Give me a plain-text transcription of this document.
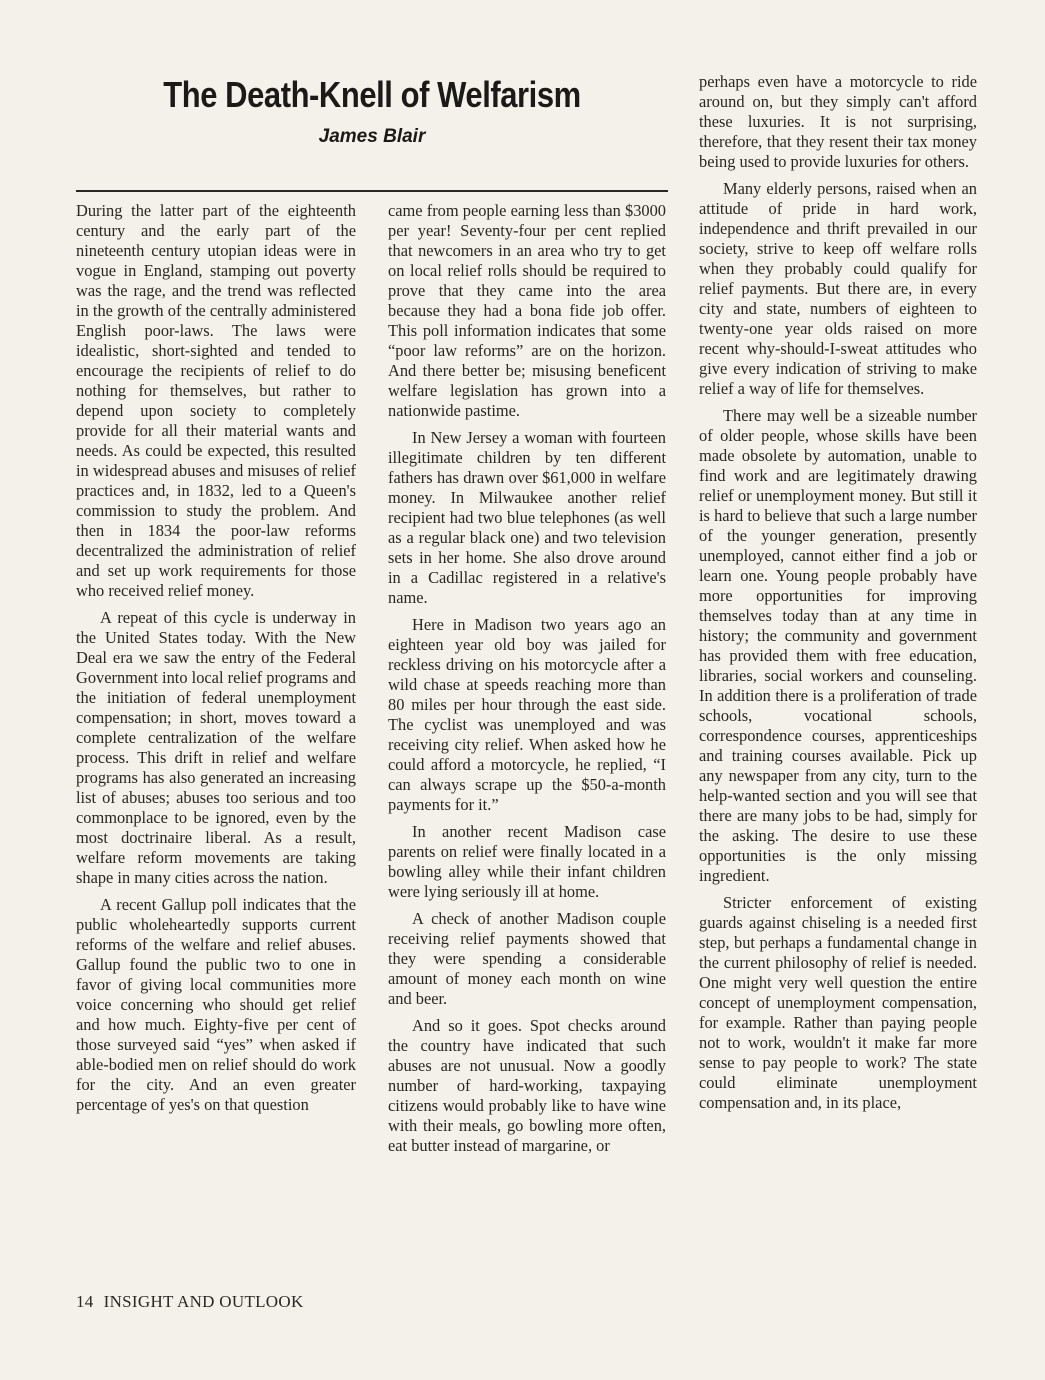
The Death-Knell of Welfarism
James Blair

During the latter part of the eighteenth century and the early part of the nineteenth century utopian ideas were in vogue in England, stamping out poverty was the rage, and the trend was reflected in the growth of the centrally administered English poor-laws. The laws were idealistic, short-sighted and tended to encourage the recipients of relief to do nothing for themselves, but rather to depend upon society to completely provide for all their material wants and needs. As could be expected, this resulted in widespread abuses and misuses of relief practices and, in 1832, led to a Queen's commission to study the problem. And then in 1834 the poor-law reforms decentralized the administration of relief and set up work requirements for those who received relief money.

A repeat of this cycle is underway in the United States today. With the New Deal era we saw the entry of the Federal Government into local relief programs and the initiation of federal unemployment compensation; in short, moves toward a complete centralization of the welfare process. This drift in relief and welfare programs has also generated an increasing list of abuses; abuses too serious and too commonplace to be ignored, even by the most doctrinaire liberal. As a result, welfare reform movements are taking shape in many cities across the nation.

A recent Gallup poll indicates that the public wholeheartedly supports current reforms of the welfare and relief abuses. Gallup found the public two to one in favor of giving local communities more voice concerning who should get relief and how much. Eighty-five per cent of those surveyed said “yes” when asked if able-bodied men on relief should do work for the city. And an even greater percentage of yes's on that question

came from people earning less than $3000 per year! Seventy-four per cent replied that newcomers in an area who try to get on local relief rolls should be required to prove that they came into the area because they had a bona fide job offer. This poll information indicates that some “poor law reforms” are on the horizon. And there better be; misusing beneficent welfare legislation has grown into a nationwide pastime.

In New Jersey a woman with fourteen illegitimate children by ten different fathers has drawn over $61,000 in welfare money. In Milwaukee another relief recipient had two blue telephones (as well as a regular black one) and two television sets in her home. She also drove around in a Cadillac registered in a relative's name.

Here in Madison two years ago an eighteen year old boy was jailed for reckless driving on his motorcycle after a wild chase at speeds reaching more than 80 miles per hour through the east side. The cyclist was unemployed and was receiving city relief. When asked how he could afford a motorcycle, he replied, “I can always scrape up the $50-a-month payments for it.”

In another recent Madison case parents on relief were finally located in a bowling alley while their infant children were lying seriously ill at home.

A check of another Madison couple receiving relief payments showed that they were spending a considerable amount of money each month on wine and beer.

And so it goes. Spot checks around the country have indicated that such abuses are not unusual. Now a goodly number of hard-working, taxpaying citizens would probably like to have wine with their meals, go bowling more often, eat butter instead of margarine, or

perhaps even have a motorcycle to ride around on, but they simply can't afford these luxuries. It is not surprising, therefore, that they resent their tax money being used to provide luxuries for others.

Many elderly persons, raised when an attitude of pride in hard work, independence and thrift prevailed in our society, strive to keep off welfare rolls when they probably could qualify for relief payments. But there are, in every city and state, numbers of eighteen to twenty-one year olds raised on more recent why-should-I-sweat attitudes who give every indication of striving to make relief a way of life for themselves.

There may well be a sizeable number of older people, whose skills have been made obsolete by automation, unable to find work and are legitimately drawing relief or unemployment money. But still it is hard to believe that such a large number of the younger generation, presently unemployed, cannot either find a job or learn one. Young people probably have more opportunities for improving themselves today than at any time in history; the community and government has provided them with free education, libraries, social workers and counseling. In addition there is a proliferation of trade schools, vocational schools, correspondence courses, apprenticeships and training courses available. Pick up any newspaper from any city, turn to the help-wanted section and you will see that there are many jobs to be had, simply for the asking. The desire to use these opportunities is the only missing ingredient.

Stricter enforcement of existing guards against chiseling is a needed first step, but perhaps a fundamental change in the current philosophy of relief is needed. One might very well question the entire concept of unemployment compensation, for example. Rather than paying people not to work, wouldn't it make far more sense to pay people to work? The state could eliminate unemployment compensation and, in its place,

14 INSIGHT AND OUTLOOK
